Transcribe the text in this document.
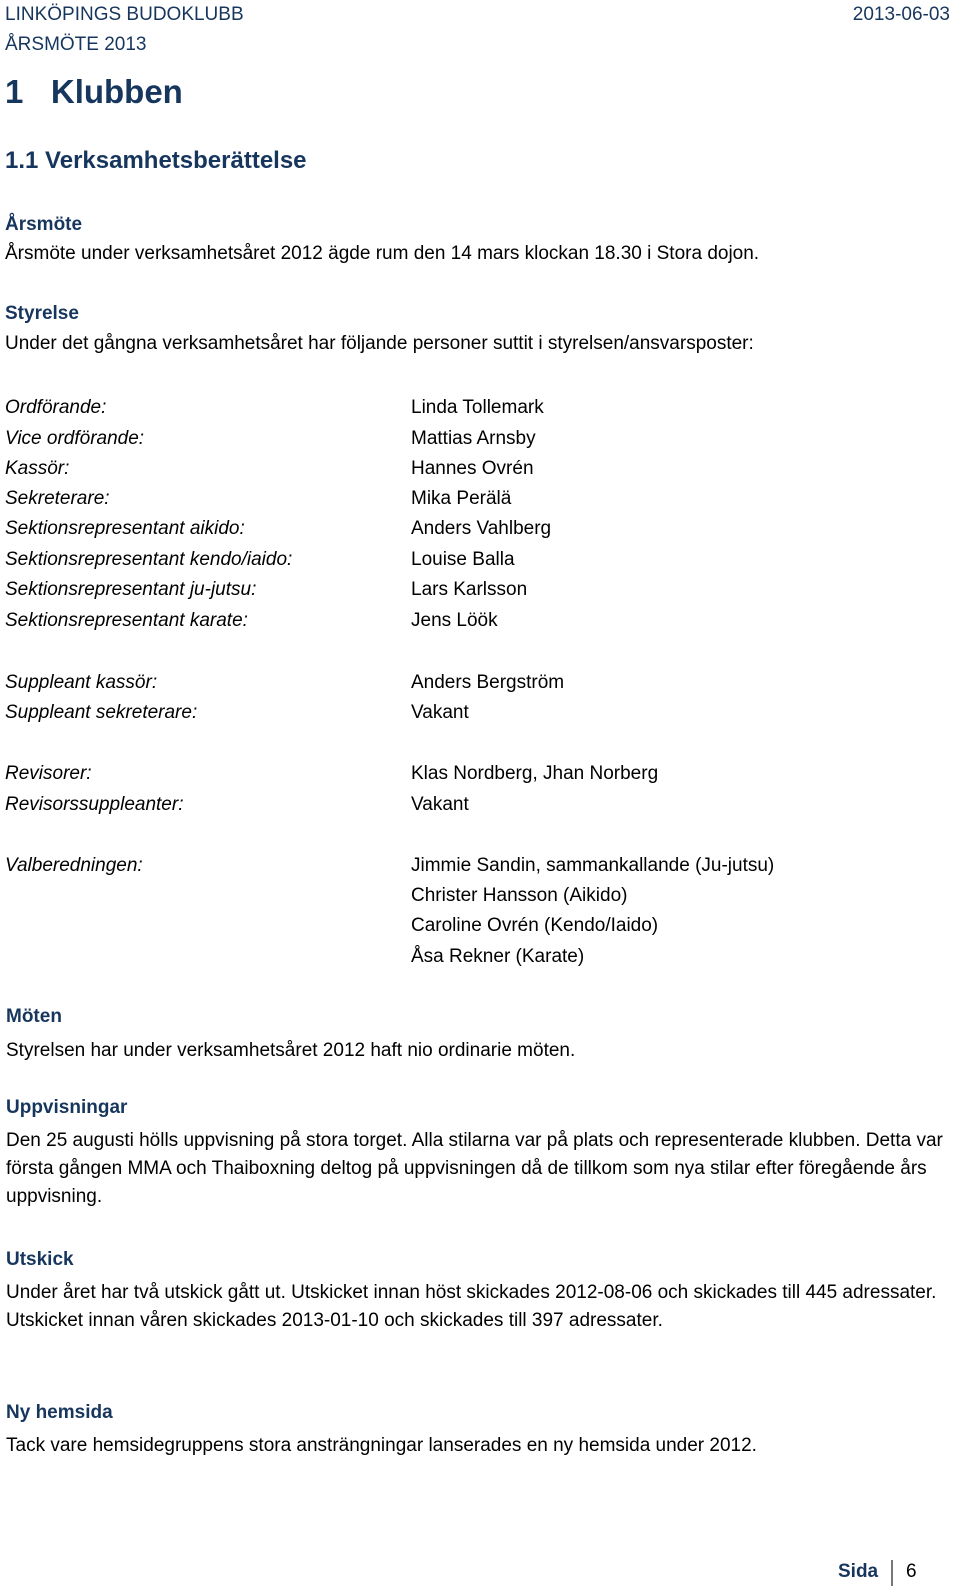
LINKÖPINGS BUDOKLUBB
ÅRSMÖTE 2013
2013-06-03
1   Klubben
1.1 Verksamhetsberättelse
Årsmöte
Årsmöte under verksamhetsåret 2012 ägde rum den 14 mars klockan 18.30 i Stora dojon.
Styrelse
Under det gångna verksamhetsåret har följande personer suttit i styrelsen/ansvarsposter:
Ordförande:	Linda Tollemark
Vice ordförande:	Mattias Arnsby
Kassör:	Hannes Ovrén
Sekreterare:	Mika Perälä
Sektionsrepresentant aikido:	Anders Vahlberg
Sektionsrepresentant kendo/iaido:	Louise Balla
Sektionsrepresentant ju-jutsu:	Lars Karlsson
Sektionsrepresentant karate:	Jens Löök
Suppleant kassör:	Anders Bergström
Suppleant sekreterare:	Vakant
Revisorer:	Klas Nordberg, Jhan Norberg
Revisorssuppleanter:	Vakant
Valberedningen:	Jimmie Sandin, sammankallande (Ju-jutsu)
Christer Hansson (Aikido)
Caroline Ovrén (Kendo/Iaido)
Åsa Rekner (Karate)
Möten
Styrelsen har under verksamhetsåret 2012 haft nio ordinarie möten.
Uppvisningar
Den 25 augusti hölls uppvisning på stora torget. Alla stilarna var på plats och representerade klubben. Detta var första gången MMA och Thaiboxning deltog på uppvisningen då de tillkom som nya stilar efter föregående års uppvisning.
Utskick
Under året har två utskick gått ut. Utskicket innan höst skickades 2012-08-06 och skickades till 445 adressater. Utskicket innan våren skickades 2013-01-10 och skickades till 397 adressater.
Ny hemsida
Tack vare hemsidegruppens stora ansträngningar lanserades en ny hemsida under 2012.
Sida 6
